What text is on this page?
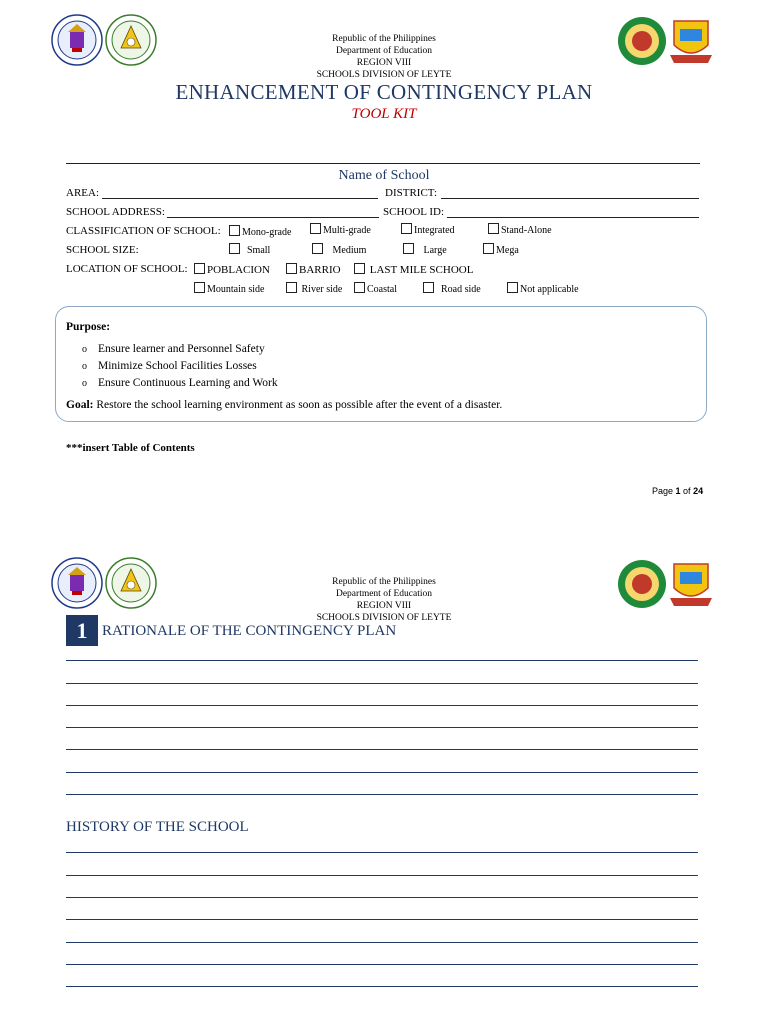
Republic of the Philippines
Department of Education
REGION VIII
SCHOOLS DIVISION OF LEYTE
ENHANCEMENT OF CONTINGENCY PLAN
TOOL KIT
Name of School
AREA:	DISTRICT:
SCHOOL ADDRESS:	SCHOOL ID:
CLASSIFICATION OF SCHOOL:	Mono-grade	Multi-grade	Integrated	Stand-Alone
SCHOOL SIZE:	Small	Medium	Large	Mega
LOCATION OF SCHOOL:	POBLACION	BARRIO	LAST MILE SCHOOL
Mountain side	River side	Coastal	Road side	Not applicable
Purpose:
o Ensure learner and Personnel Safety
o Minimize School Facilities Losses
o Ensure Continuous Learning and Work
Goal: Restore the school learning environment as soon as possible after the event of a disaster.
***insert Table of Contents
Page 1 of 24
Republic of the Philippines
Department of Education
REGION VIII
SCHOOLS DIVISION OF LEYTE
1 RATIONALE OF THE CONTINGENCY PLAN
HISTORY OF THE SCHOOL
